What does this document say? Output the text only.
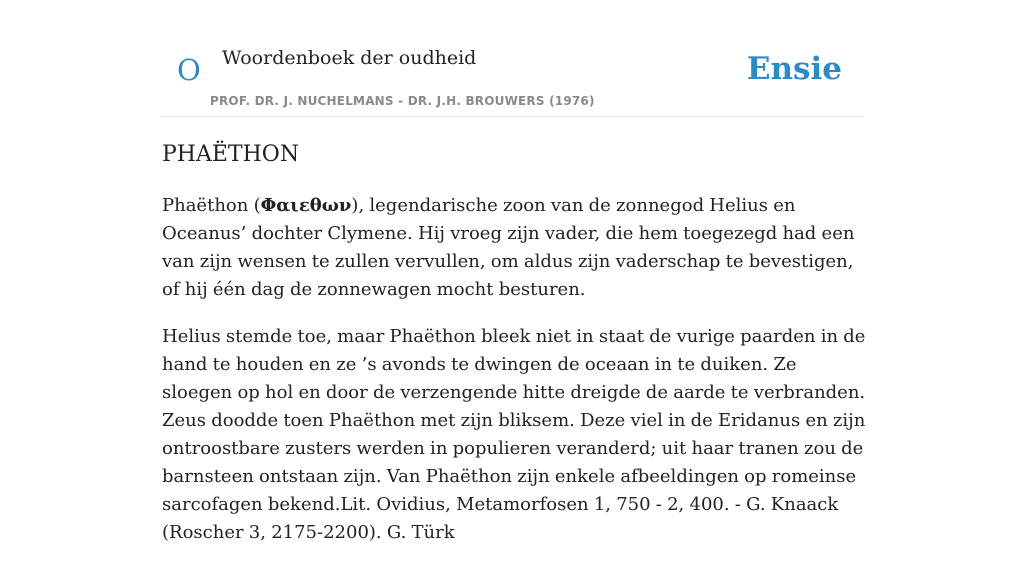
O Woordenboek der oudheid
PROF. DR. J. NUCHELMANS - DR. J.H. BROUWERS (1976)
Ensie
PHAËTHON

Phaëthon (Φαιεθων), legendarische zoon van de zonnegod Helius en Oceanus’ dochter Clymene. Hij vroeg zijn vader, die hem toegezegd had een van zijn wensen te zullen vervullen, om aldus zijn vaderschap te bevestigen, of hij één dag de zonnewagen mocht besturen.

Helius stemde toe, maar Phaëthon bleek niet in staat de vurige paarden in de hand te houden en ze ’s avonds te dwingen de oceaan in te duiken. Ze sloegen op hol en door de verzengende hitte dreigde de aarde te verbranden. Zeus doodde toen Phaëthon met zijn bliksem. Deze viel in de Eridanus en zijn ontroostbare zusters werden in populieren veranderd; uit haar tranen zou de barnsteen ontstaan zijn. Van Phaëthon zijn enkele afbeeldingen op romeinse sarcofagen bekend.Lit. Ovidius, Metamorfosen 1, 750 - 2, 400. - G. Knaack (Roscher 3, 2175-2200). G. Türk
